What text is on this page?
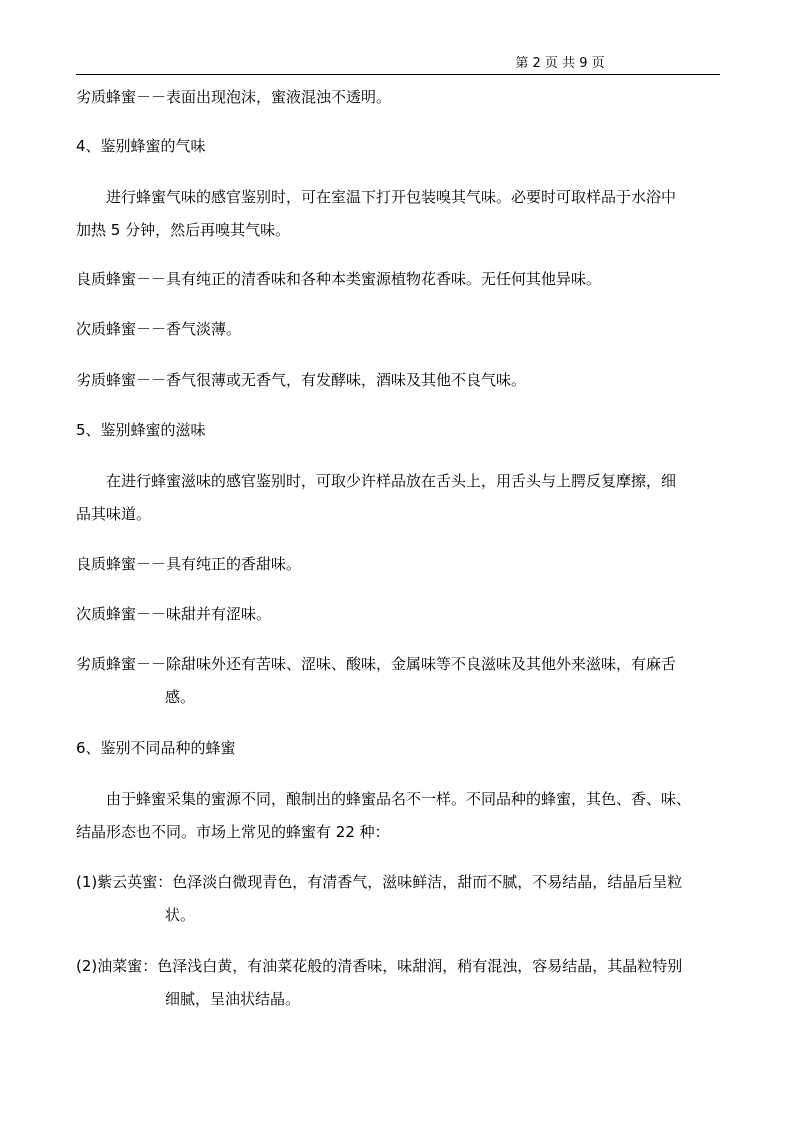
第 2 页 共 9 页
劣质蜂蜜－－表面出现泡沫，蜜液混浊不透明。
4、鉴别蜂蜜的气味
进行蜂蜜气味的感官鉴别时，可在室温下打开包装嗅其气味。必要时可取样品于水浴中
加热 5 分钟，然后再嗅其气味。
良质蜂蜜－－具有纯正的清香味和各种本类蜜源植物花香味。无任何其他异味。
次质蜂蜜－－香气淡薄。
劣质蜂蜜－－香气很薄或无香气，有发酵味，酒味及其他不良气味。
5、鉴别蜂蜜的滋味
在进行蜂蜜滋味的感官鉴别时，可取少许样品放在舌头上，用舌头与上腭反复摩擦，细
品其味道。
良质蜂蜜－－具有纯正的香甜味。
次质蜂蜜－－味甜并有涩味。
劣质蜂蜜－－除甜味外还有苦味、涩味、酸味，金属味等不良滋味及其他外来滋味，有麻舌
感。
6、鉴别不同品种的蜂蜜
由于蜂蜜采集的蜜源不同，酿制出的蜂蜜品名不一样。不同品种的蜂蜜，其色、香、味、
结晶形态也不同。市场上常见的蜂蜜有 22 种：
(1)紫云英蜜：色泽淡白微现青色，有清香气，滋味鲜洁，甜而不腻，不易结晶，结晶后呈粒
状。
(2)油菜蜜：色泽浅白黄，有油菜花般的清香味，味甜润，稍有混浊，容易结晶，其晶粒特别
细腻，呈油状结晶。
